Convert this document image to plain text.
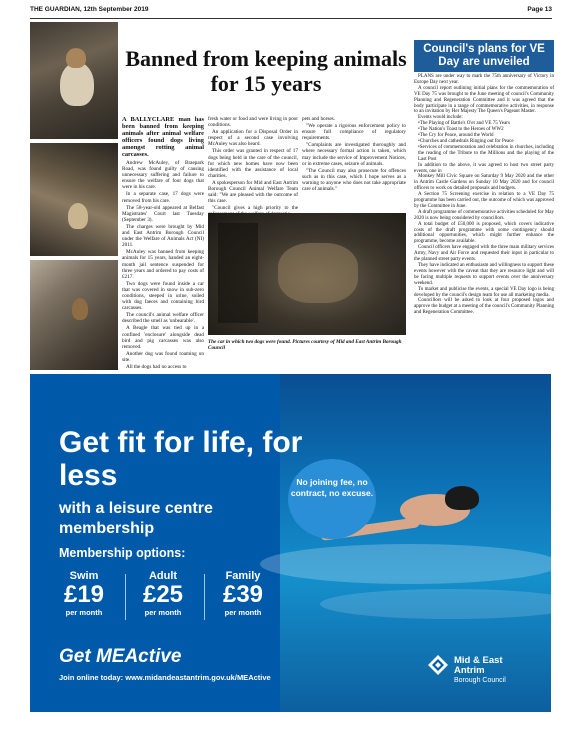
THE GUARDIAN, 12th September 2019	Page 13
Banned from keeping animals for 15 years

A BALLYCLARE man has been banned from keeping animals after animal welfare officers found dogs living amongst rotting animal carcasses.

Andrew McAuley, of Braepark Road, was found guilty of causing unnecessary suffering and failure to ensure the welfare of four dogs that were in his care.

In a separate case, 17 dogs were removed from his care.

The 58-year-old appeared at Belfast Magistrates' Court last Tuesday (September 3).

The charges were brought by Mid and East Antrim Borough Council under the Welfare of Animals Act (NI) 2011.

McAuley was banned from keeping animals for 15 years, handed an eight-month jail sentence suspended for three years and ordered to pay costs of £217.

Two dogs were found inside a car that was covered in snow in sub-zero conditions, steeped in urine, soiled with dog faeces and containing bird carcasses.

The council's animal welfare officer described the smell as 'unbearable'.

A Beagle that was tied up in a confined 'enclosure' alongside dead bird and pig carcasses was also removed.

Another dog was found roaming on site.

All the dogs had no access to

fresh water or food and were living in poor conditions.

An application for a Disposal Order in respect of a second case involving McAuley was also heard.

This order was granted in respect of 17 dogs being held in the care of the council, for which new homes have now been identified with the assistance of local charities.

A spokesperson for Mid and East Antrim Borough Council Animal Welfare Team said: "We are pleased with the outcome of this case.

"Council gives a high priority to the

pets and horses.

"We operate a rigorous enforcement policy to ensure full compliance of regulatory requirements.

"Complaints are investigated thoroughly and where necessary formal action is taken, which may include the service of Improvement Notices, or in extreme cases, seizure of animals.

"The Council may also prosecute for offences such as in this case, which I hope serves as a warning to anyone who does not take appropriate care of animals."

The car in which two dogs were found. Pictures courtesy of Mid and East Antrim Borough Council
Council's plans for VE Day are unveiled

PLANS are under way to mark the 75th anniversary of Victory in Europe Day next year.

A council report outlining initial plans for the commemoration of VE Day 75 was brought to the June meeting of council's Community Planning and Regeneration Committee and it was agreed that the body participate in a range of commemorative activities, in response to an invitation by Her Majesty The Queen's Pageant Master.

Events would include:

•The Playing of Battle's O'er and VE 75 Years

•The Nation's Toast to the Heroes of WW2

•The Cry for Peace, around the World

•Churches and cathedrals Ringing out for Peace

•Services of commemoration and celebration in churches, including the reading of the Tribute to the Millions and the playing of the Last Post

In addition to the above, it was agreed to host two street party events, one in

Monkey Mill Civic Square on Saturday 9 May 2020 and the other in Antrim Castle Gardens on Sunday 10 May 2020 and for council officers to work on detailed proposals and budgets.

A Section 75 Screening exercise in relation to a VE Day 75 programme has been carried out, the outcome of which was approved by the Committee in June.

A draft programme of commemorative activities scheduled for May 2020 is now being considered by councillors.

A total budget of £50,000 is proposed, which covers indicative costs of the draft programme with some contingency should additional opportunities, which might further enhance the programme, become available.

Council officers have engaged with the three main military services Army, Navy and Air Force and requested their input in particular to the planned street party events.

They have indicated an enthusiasm and willingness to support these events however with the caveat that they are resource light and will be facing multiple requests to support events over the anniversary weekend.

To market and publicise the events, a special VE Day logo is being developed by the council's design team for use all marketing media.

Councillors will be asked to look at four proposed logos and approve the budget at a meeting of the council's Community Planning and Regeneration Committee.

Get fit for life, for less
with a leisure centre membership
No joining fee, no contract, no excuse.
Membership options:
Swim
£19
per month
Adult
£25
per month
Family
£39
per month
Get MEActive
Join online today: www.midandeastantrim.gov.uk/MEActive
Mid & East
Antrim
Borough Council
